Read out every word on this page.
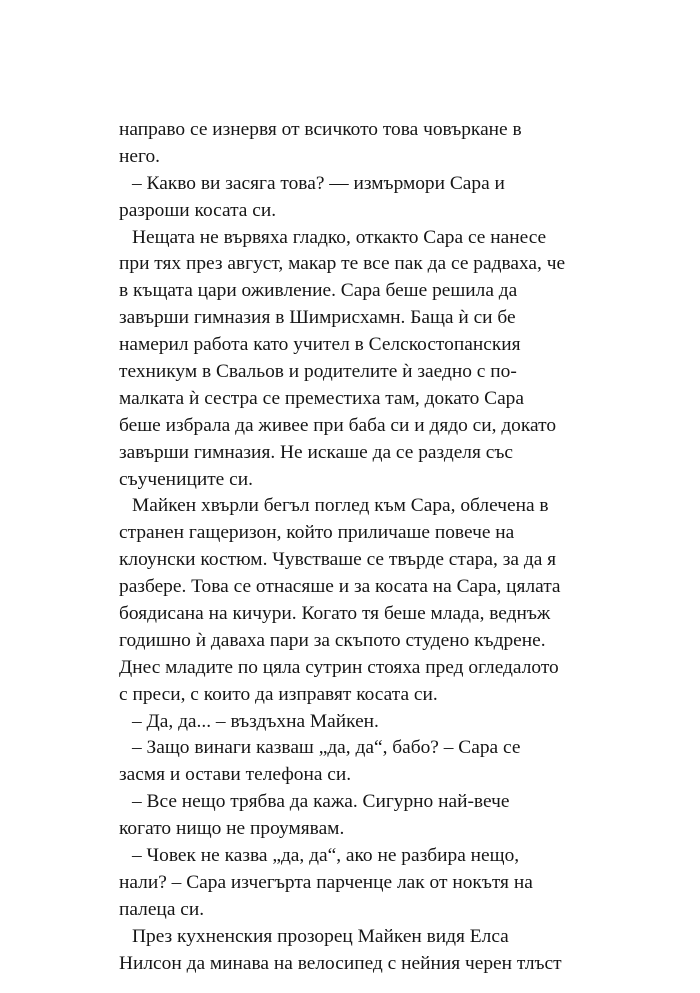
направо се изнервя от всичкото това човъркане в
него.
– Какво ви засяга това? — измърмори Сара и
разроши косата си.
Нещата не вървяха гладко, откакто Сара се нанесе
при тях през август, макар те все пак да се радваха, че
в къщата цари оживление. Сара беше решила да
завърши гимназия в Шимрисхамн. Баща ѝ си бе
намерил работа като учител в Селскостопанския
техникум в Свальов и родителите ѝ заедно с по-
малката ѝ сестра се преместиха там, докато Сара
беше избрала да живее при баба си и дядо си, докато
завърши гимназия. Не искаше да се разделя със
съучениците си.
Майкен хвърли бегъл поглед към Сара, облечена в
странен гащеризон, който приличаше повече на
клоунски костюм. Чувстваше се твърде стара, за да я
разбере. Това се отнасяше и за косата на Сара, цялата
боядисана на кичури. Когато тя беше млада, веднъж
годишно ѝ даваха пари за скъпото студено къдрене.
Днес младите по цяла сутрин стояха пред огледалото
с преси, с които да изправят косата си.
– Да, да... – въздъхна Майкен.
– Защо винаги казваш „да, да“, бабо? – Сара се
засмя и остави телефона си.
– Все нещо трябва да кажа. Сигурно най-вече
когато нищо не проумявам.
– Човек не казва „да, да“, ако не разбира нещо,
нали? – Сара изчегъртa парченце лак от нокътя на
палеца си.
През кухненския прозорец Майкен видя Елса
Нилсон да минава на велосипед с нейния черен тлъст
